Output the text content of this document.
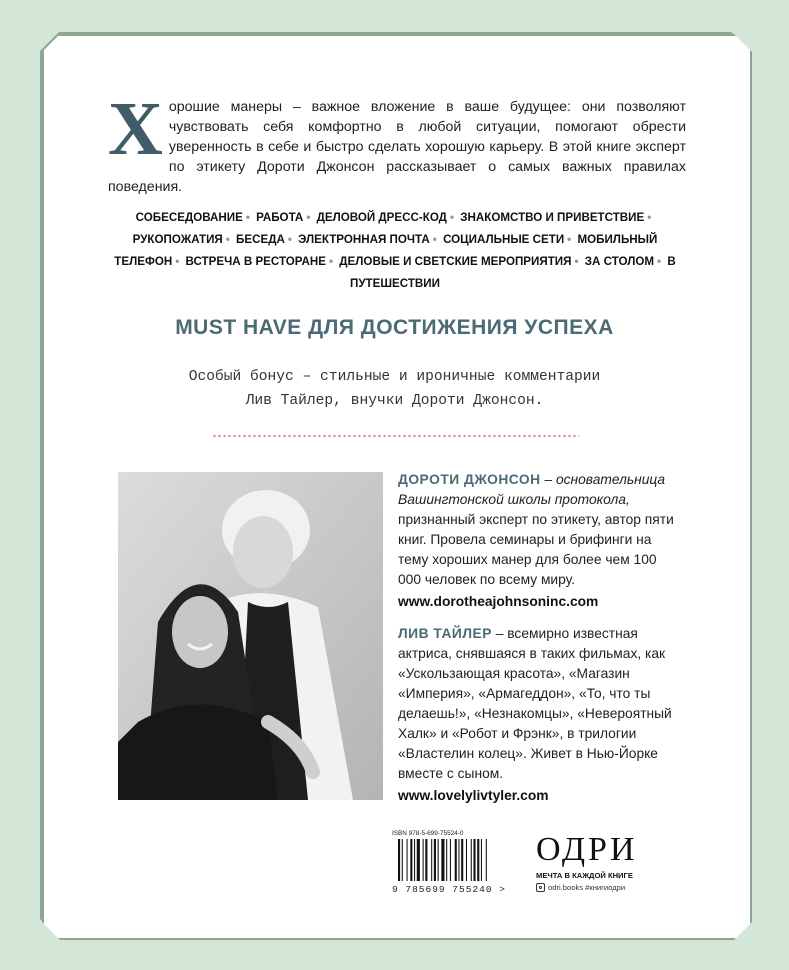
Хорошие манеры – важное вложение в ваше будущее: они позволяют чувствовать себя комфортно в любой ситуации, помогают обрести уверенность в себе и быстро сделать хорошую карьеру. В этой книге эксперт по этикету Дороти Джонсон рассказывает о самых важных правилах поведения.
СОБЕСЕДОВАНИЕ • РАБОТА • ДЕЛОВОЙ ДРЕСС-КОД • ЗНАКОМСТВО И ПРИВЕТСТВИЕ • РУКОПОЖАТИЯ • БЕСЕДА • ЭЛЕКТРОННАЯ ПОЧТА • СОЦИАЛЬНЫЕ СЕТИ • МОБИЛЬНЫЙ ТЕЛЕФОН • ВСТРЕЧА В РЕСТОРАНЕ • ДЕЛОВЫЕ И СВЕТСКИЕ МЕРОПРИЯТИЯ • ЗА СТОЛОМ • В ПУТЕШЕСТВИИ
MUST HAVE ДЛЯ ДОСТИЖЕНИЯ УСПЕХА
Особый бонус – стильные и ироничные комментарии
Лив Тайлер, внучки Дороти Джонсон.
ДОРОТИ ДЖОНСОН – основательница Вашингтонской школы протокола, признанный эксперт по этикету, автор пяти книг. Провела семинары и брифинги на тему хороших манер для более чем 100 000 человек по всему миру.
www.dorotheajohnsoninc.com
ЛИВ ТАЙЛЕР – всемирно известная актриса, снявшаяся в таких фильмах, как «Ускользающая красота», «Магазин «Империя», «Армагеддон», «То, что ты делаешь!», «Незнакомцы», «Невероятный Халк» и «Робот и Фрэнк», в трилогии «Властелин колец». Живет в Нью-Йорке вместе с сыном.
www.lovelylivtyler.com
ISBN 978-5-699-75524-0
9 785699 755240 >
ОДРИ
МЕЧТА В КАЖДОЙ КНИГЕ
odri.books #книгиодри
